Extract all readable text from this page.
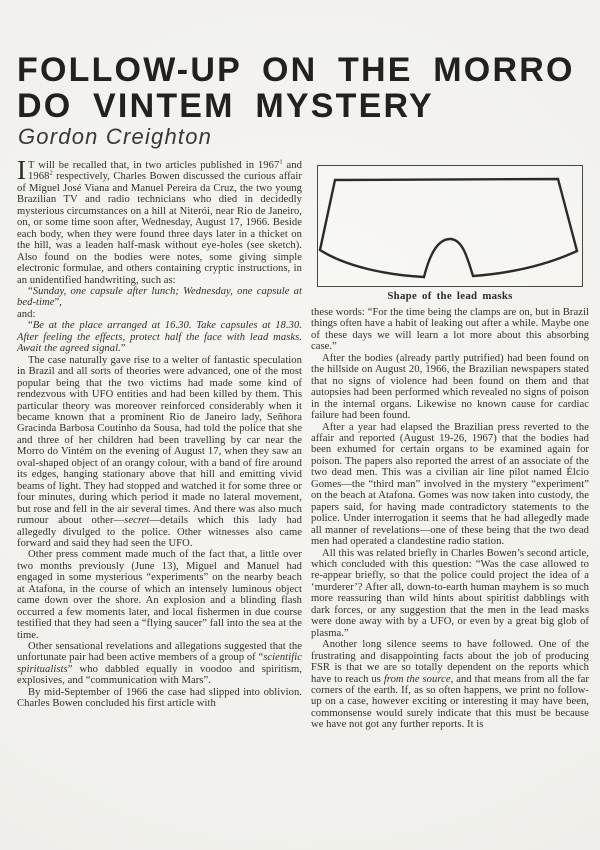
FOLLOW-UP ON THE MORRO
DO VINTEM MYSTERY
Gordon Creighton

I T will be recalled that, in two articles published in 1967$^1$ and 1968$^2$ respectively, Charles Bowen discussed the curious affair of Miguel José Viana and Manuel Pereira da Cruz, the two young Brazilian TV and radio technicians who died in decidedly mysterious circumstances on a hill at Niterói, near Rio de Janeiro, on, or some time soon after, Wednesday, August 17, 1966. Beside each body, when they were found three days later in a thicket on the hill, was a leaden half-mask without eye-holes (see sketch). Also found on the bodies were notes, some giving simple electronic formulae, and others containing cryptic instructions, in an unidentified handwriting, such as:

“Sunday, one capsule after lunch; Wednesday, one capsule at bed-time”,

and:

“Be at the place arranged at 16.30. Take capsules at 18.30. After feeling the effects, protect half the face with lead masks. Await the agreed signal.”

The case naturally gave rise to a welter of fantastic speculation in Brazil and all sorts of theories were advanced, one of the most popular being that the two victims had made some kind of rendezvous with UFO entities and had been killed by them. This particular theory was moreover reinforced considerably when it became known that a prominent Rio de Janeiro lady, Señhora Gracinda Barbosa Coutinho da Sousa, had told the police that she and three of her children had been travelling by car near the Morro do Vintém on the evening of August 17, when they saw an oval-shaped object of an orangy colour, with a band of fire around its edges, hanging stationary above that hill and emitting vivid beams of light. They had stopped and watched it for some three or four minutes, during which period it made no lateral movement, but rose and fell in the air several times. And there was also much rumour about other—secret—details which this lady had allegedly divulged to the police. Other witnesses also came forward and said they had seen the UFO.

Other press comment made much of the fact that, a little over two months previously (June 13), Miguel and Manuel had engaged in some mysterious “experiments” on the nearby beach at Atafona, in the course of which an intensely luminous object came down over the shore. An explosion and a blinding flash occurred a few moments later, and local fishermen in due course testified that they had seen a “flying saucer” fall into the sea at the time.

Other sensational revelations and allegations suggested that the unfortunate pair had been active members of a group of “scientific spiritualists” who dabbled equally in voodoo and spiritism, explosives, and “communication with Mars”.

By mid-September of 1966 the case had slipped into oblivion. Charles Bowen concluded his first article with

Shape of the lead masks

these words: “For the time being the clamps are on, but in Brazil things often have a habit of leaking out after a while. Maybe one of these days we will learn a lot more about this absorbing case.”

After the bodies (already partly putrified) had been found on the hillside on August 20, 1966, the Brazilian newspapers stated that no signs of violence had been found on them and that autopsies had been performed which revealed no signs of poison in the internal organs. Likewise no known cause for cardiac failure had been found.

After a year had elapsed the Brazilian press reverted to the affair and reported (August 19-26, 1967) that the bodies had been exhumed for certain organs to be examined again for poison. The papers also reported the arrest of an associate of the two dead men. This was a civilian air line pilot named Élcio Gomes—the “third man” involved in the mystery “experiment” on the beach at Atafona. Gomes was now taken into custody, the papers said, for having made contradictory statements to the police. Under interrogation it seems that he had allegedly made all manner of revelations—one of these being that the two dead men had operated a clandestine radio station.

All this was related briefly in Charles Bowen’s second article, which concluded with this question: “Was the case allowed to re-appear briefly, so that the police could project the idea of a ‘murderer’? After all, down-to-earth human mayhem is so much more reassuring than wild hints about spiritist dabblings with dark forces, or any suggestion that the men in the lead masks were done away with by a UFO, or even by a great big glob of plasma.”

Another long silence seems to have followed. One of the frustrating and disappointing facts about the job of producing FSR is that we are so totally dependent on the reports which have to reach us from the source, and that means from all the far corners of the earth. If, as so often happens, we print no follow-up on a case, however exciting or interesting it may have been, commonsense would surely indicate that this must be because we have not got any further reports. It is
